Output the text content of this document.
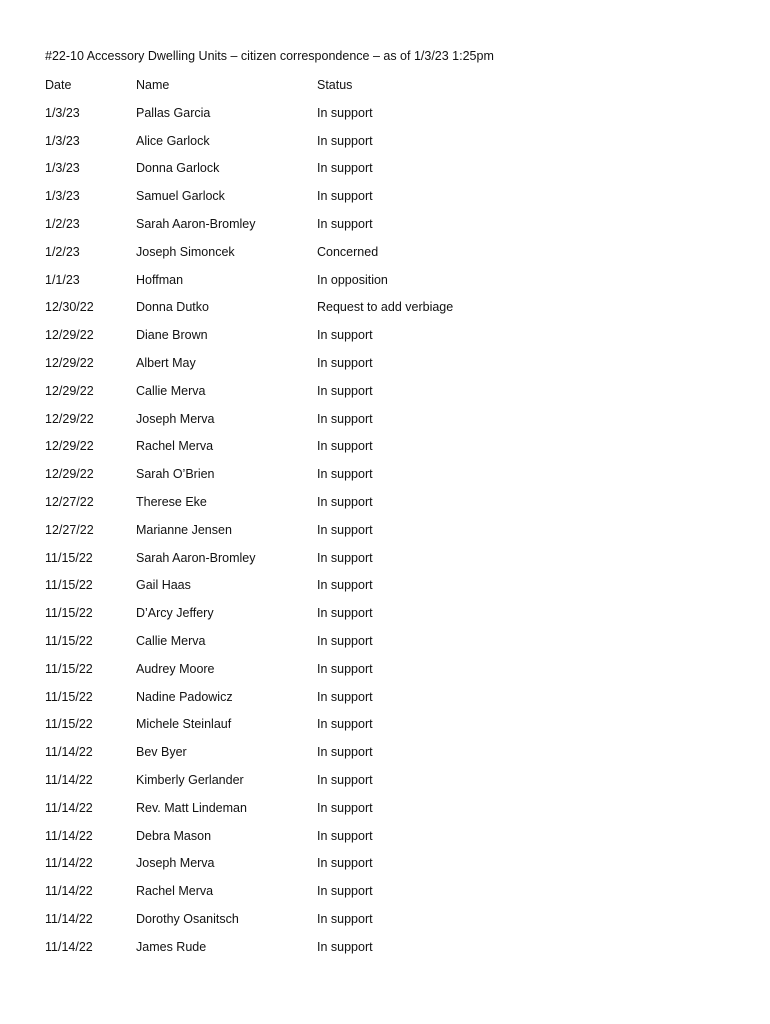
#22-10 Accessory Dwelling Units – citizen correspondence – as of 1/3/23 1:25pm
Date	Name	Status
1/3/23	Pallas Garcia	In support
1/3/23	Alice Garlock	In support
1/3/23	Donna Garlock	In support
1/3/23	Samuel Garlock	In support
1/2/23	Sarah Aaron-Bromley	In support
1/2/23	Joseph Simoncek	Concerned
1/1/23	Hoffman	In opposition
12/30/22	Donna Dutko	Request to add verbiage
12/29/22	Diane Brown	In support
12/29/22	Albert May	In support
12/29/22	Callie Merva	In support
12/29/22	Joseph Merva	In support
12/29/22	Rachel Merva	In support
12/29/22	Sarah O’Brien	In support
12/27/22	Therese Eke	In support
12/27/22	Marianne Jensen	In support
11/15/22	Sarah Aaron-Bromley	In support
11/15/22	Gail Haas	In support
11/15/22	D’Arcy Jeffery	In support
11/15/22	Callie Merva	In support
11/15/22	Audrey Moore	In support
11/15/22	Nadine Padowicz	In support
11/15/22	Michele Steinlauf	In support
11/14/22	Bev Byer	In support
11/14/22	Kimberly Gerlander	In support
11/14/22	Rev. Matt Lindeman	In support
11/14/22	Debra Mason	In support
11/14/22	Joseph Merva	In support
11/14/22	Rachel Merva	In support
11/14/22	Dorothy Osanitsch	In support
11/14/22	James Rude	In support
